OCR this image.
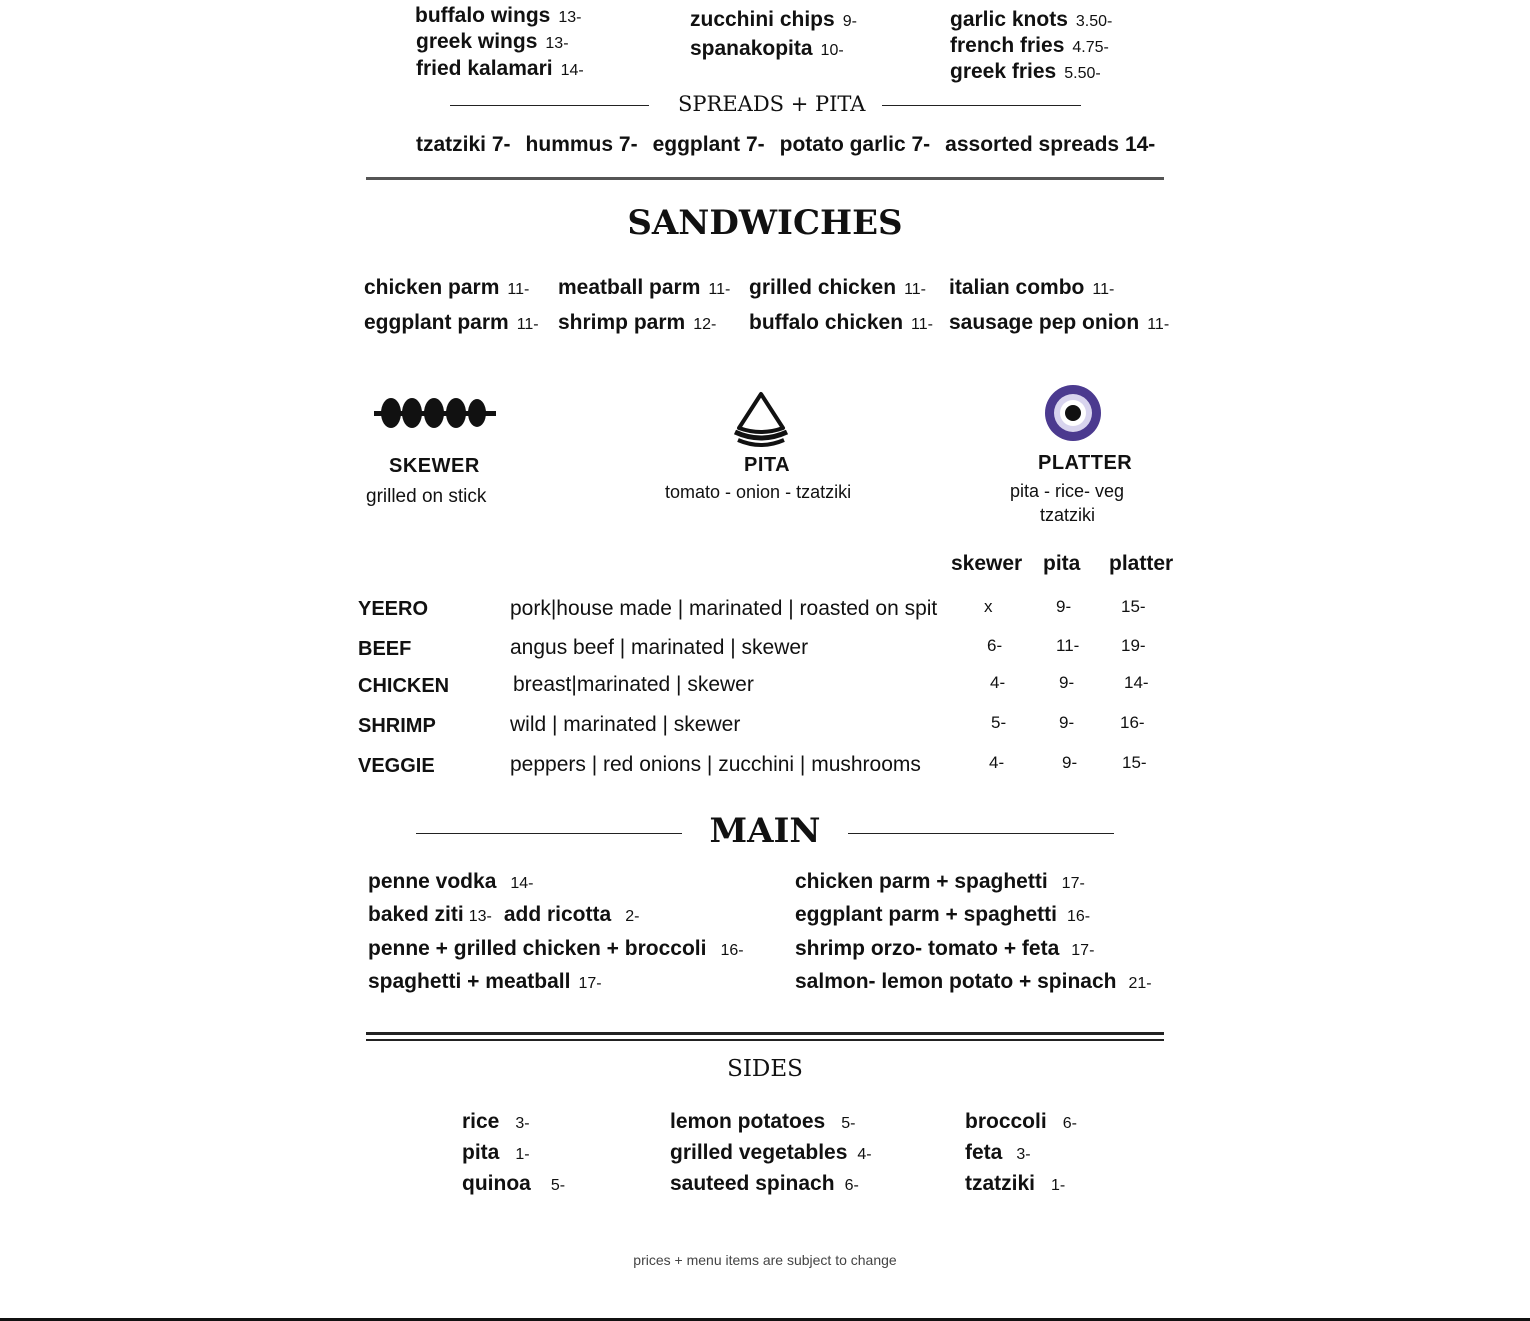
buffalo wings 13-
greek wings 13-
fried kalamari 14-
zucchini chips 9-
spanakopita 10-
garlic knots 3.50-
french fries 4.75-
greek fries 5.50-
SPREADS + PITA
tzatziki 7- hummus 7- eggplant 7- potato garlic 7- assorted spreads 14-
SANDWICHES
chicken parm 11- meatball parm 11- grilled chicken 11- italian combo 11-
eggplant parm 11- shrimp parm 12- buffalo chicken 11- sausage pep onion 11-
SKEWER
grilled on stick
PITA
tomato - onion - tzatziki
PLATTER
pita - rice- veg
tzatziki
skewer pita platter
YEERO	pork|house made | marinated | roasted on spit	x	9-	15-
BEEF	angus beef | marinated | skewer	6-	11- 19-
CHICKEN	breast|marinated | skewer	4-	9-	14-
SHRIMP	wild | marinated | skewer	5-	9-	16-
VEGGIE	peppers | red onions | zucchini | mushrooms	4-	9-	15-
MAIN
penne vodka 14-
baked ziti 13- add ricotta 2-
penne + grilled chicken + broccoli 16-
spaghetti + meatball 17-
chicken parm + spaghetti 17-
eggplant parm + spaghetti 16-
shrimp orzo- tomato + feta 17-
salmon- lemon potato + spinach 21-
SIDES
rice 3-
pita 1-
quinoa 5-
lemon potatoes 5-
grilled vegetables 4-
sauteed spinach 6-
broccoli 6-
feta 3-
tzatziki 1-
prices + menu items are subject to change
